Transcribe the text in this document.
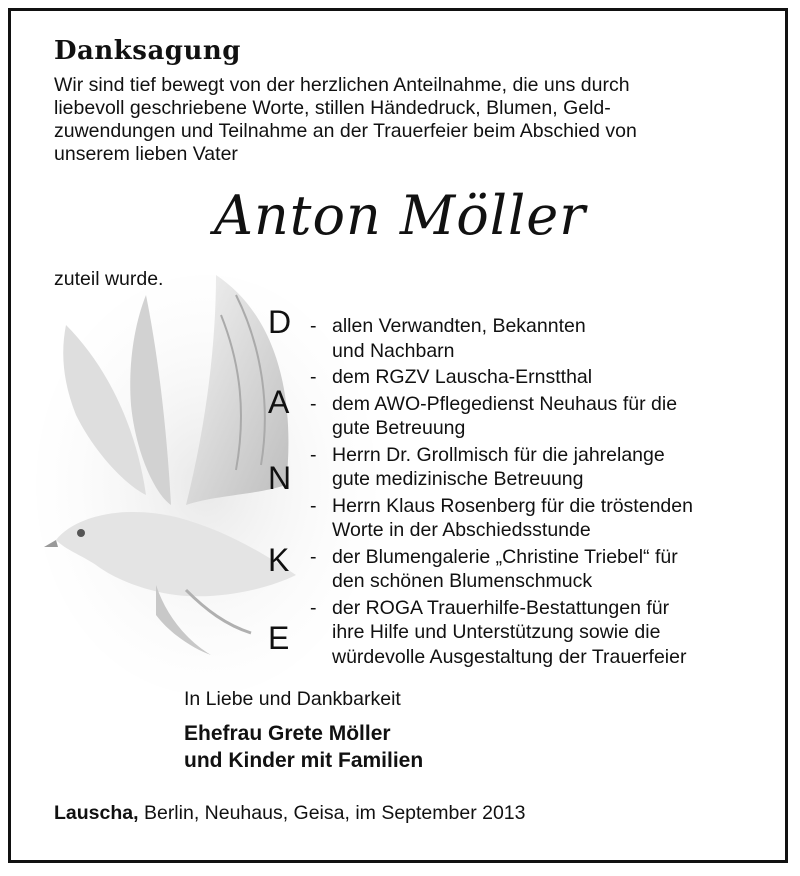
Danksagung
Wir sind tief bewegt von der herzlichen Anteilnahme, die uns durch
liebevoll geschriebene Worte, stillen Händedruck, Blumen, Geld-
zuwendungen und Teilnahme an der Trauerfeier beim Abschied von
unserem lieben Vater
Anton Möller
zuteil wurde.
D
A
N
K
E
- allen Verwandten, Bekannten
und Nachbarn
- dem RGZV Lauscha-Ernstthal
- dem AWO-Pflegedienst Neuhaus für die
gute Betreuung
- Herrn Dr. Grollmisch für die jahrelange
gute medizinische Betreuung
- Herrn Klaus Rosenberg für die tröstenden
Worte in der Abschiedsstunde
- der Blumengalerie „Christine Triebel“ für
den schönen Blumenschmuck
- der ROGA Trauerhilfe-Bestattungen für
ihre Hilfe und Unterstützung sowie die
würdevolle Ausgestaltung der Trauerfeier
In Liebe und Dankbarkeit
Ehefrau Grete Möller
und Kinder mit Familien
Lauscha, Berlin, Neuhaus, Geisa, im September 2013
